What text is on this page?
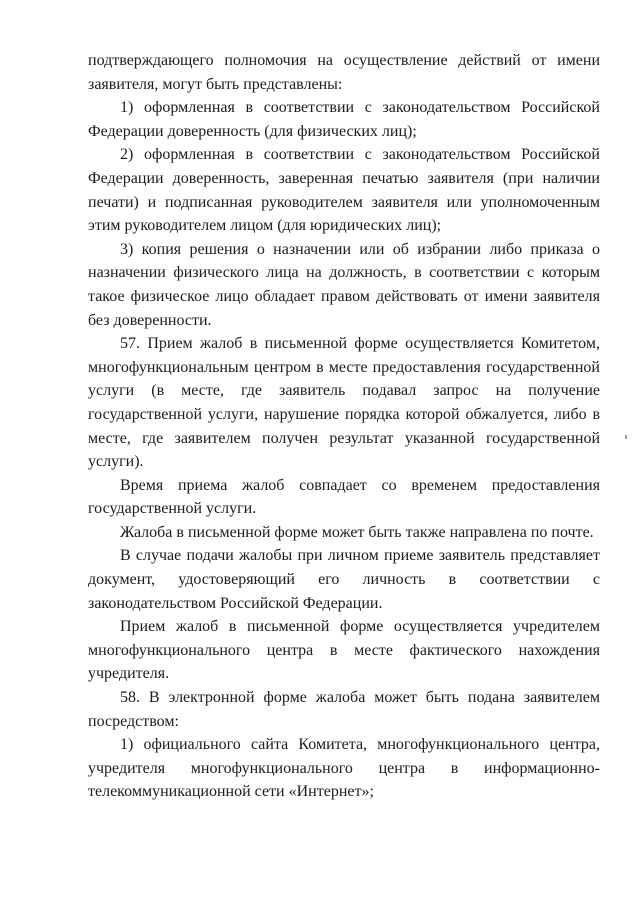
подтверждающего полномочия на осуществление действий от имени заявителя, могут быть представлены:

1) оформленная в соответствии с законодательством Российской Федерации доверенность (для физических лиц);

2) оформленная в соответствии с законодательством Российской Федерации доверенность, заверенная печатью заявителя (при наличии печати) и подписанная руководителем заявителя или уполномоченным этим руководителем лицом (для юридических лиц);

3) копия решения о назначении или об избрании либо приказа о назначении физического лица на должность, в соответствии с которым такое физическое лицо обладает правом действовать от имени заявителя без доверенности.

57. Прием жалоб в письменной форме осуществляется Комитетом, многофункциональным центром в месте предоставления государственной услуги (в месте, где заявитель подавал запрос на получение государственной услуги, нарушение порядка которой обжалуется, либо в месте, где заявителем получен результат указанной государственной услуги).

Время приема жалоб совпадает со временем предоставления государственной услуги.

Жалоба в письменной форме может быть также направлена по почте.

В случае подачи жалобы при личном приеме заявитель представляет документ, удостоверяющий его личность в соответствии с законодательством Российской Федерации.

Прием жалоб в письменной форме осуществляется учредителем многофункционального центра в месте фактического нахождения учредителя.

58. В электронной форме жалоба может быть подана заявителем посредством:

1) официального сайта Комитета, многофункционального центра, учредителя многофункционального центра в информационно-телекоммуникационной сети «Интернет»;
